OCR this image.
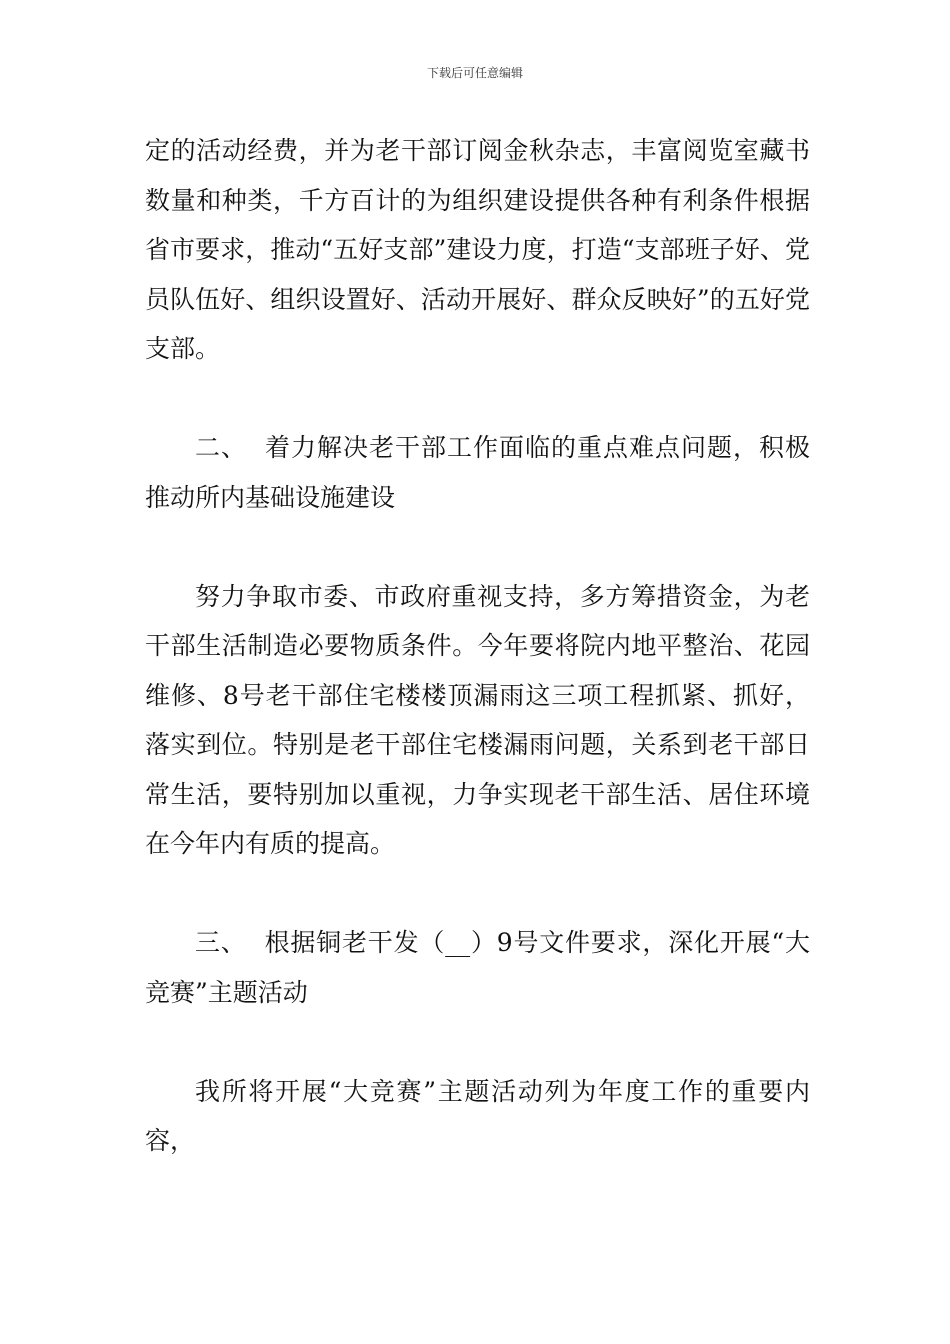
下载后可任意编辑

定的活动经费，并为老干部订阅金秋杂志，丰富阅览室藏书数量和种类，千方百计的为组织建设提供各种有利条件根据省市要求，推动“五好支部”建设力度，打造“支部班子好、党员队伍好、组织设置好、活动开展好、群众反映好”的五好党支部。

二、 着力解决老干部工作面临的重点难点问题，积极推动所内基础设施建设

努力争取市委、市政府重视支持，多方筹措资金，为老干部生活制造必要物质条件。今年要将院内地平整治、花园维修、8号老干部住宅楼楼顶漏雨这三项工程抓紧、抓好，落实到位。特别是老干部住宅楼漏雨问题，关系到老干部日常生活，要特别加以重视，力争实现老干部生活、居住环境在今年内有质的提高。

三、 根据铜老干发（__）9号文件要求，深化开展“大竞赛”主题活动

我所将开展“大竞赛”主题活动列为年度工作的重要内容，
